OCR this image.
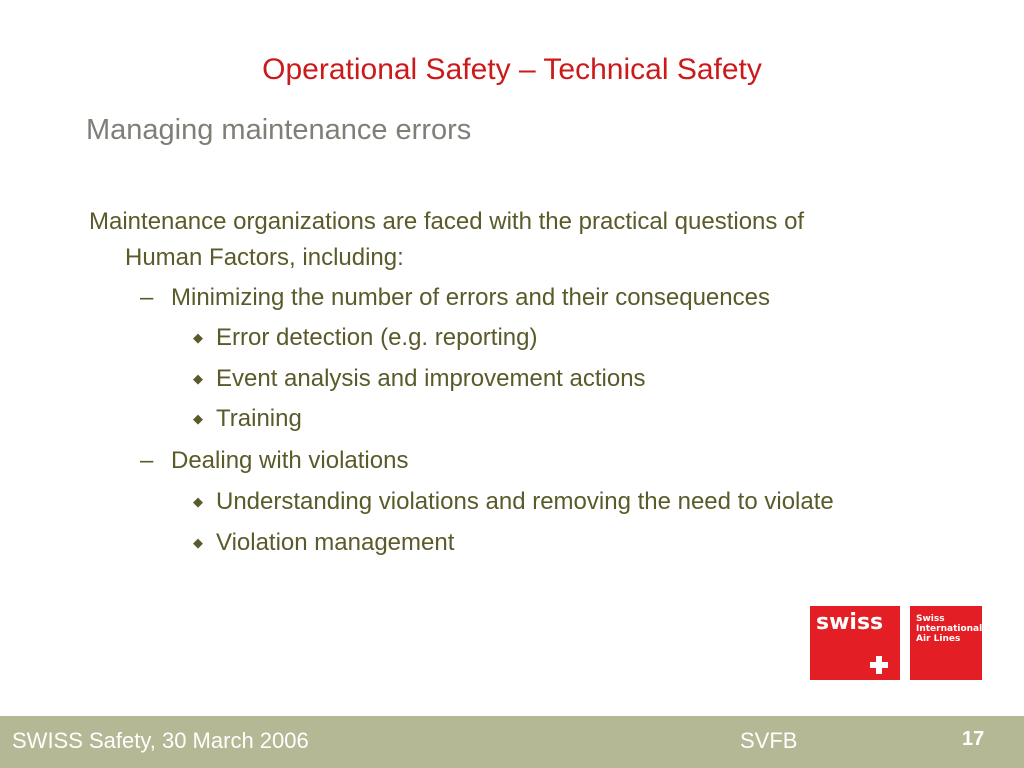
Operational Safety – Technical Safety
Managing maintenance errors
Maintenance organizations are faced with the practical questions of
Human Factors, including:
– Minimizing the number of errors and their consequences
◆ Error detection (e.g. reporting)
◆ Event analysis and improvement actions
◆ Training
– Dealing with violations
◆ Understanding violations and removing the need to violate
◆ Violation management
swiss	Swiss
International
Air Lines
SWISS Safety, 30 March 2006	SVFB	17
